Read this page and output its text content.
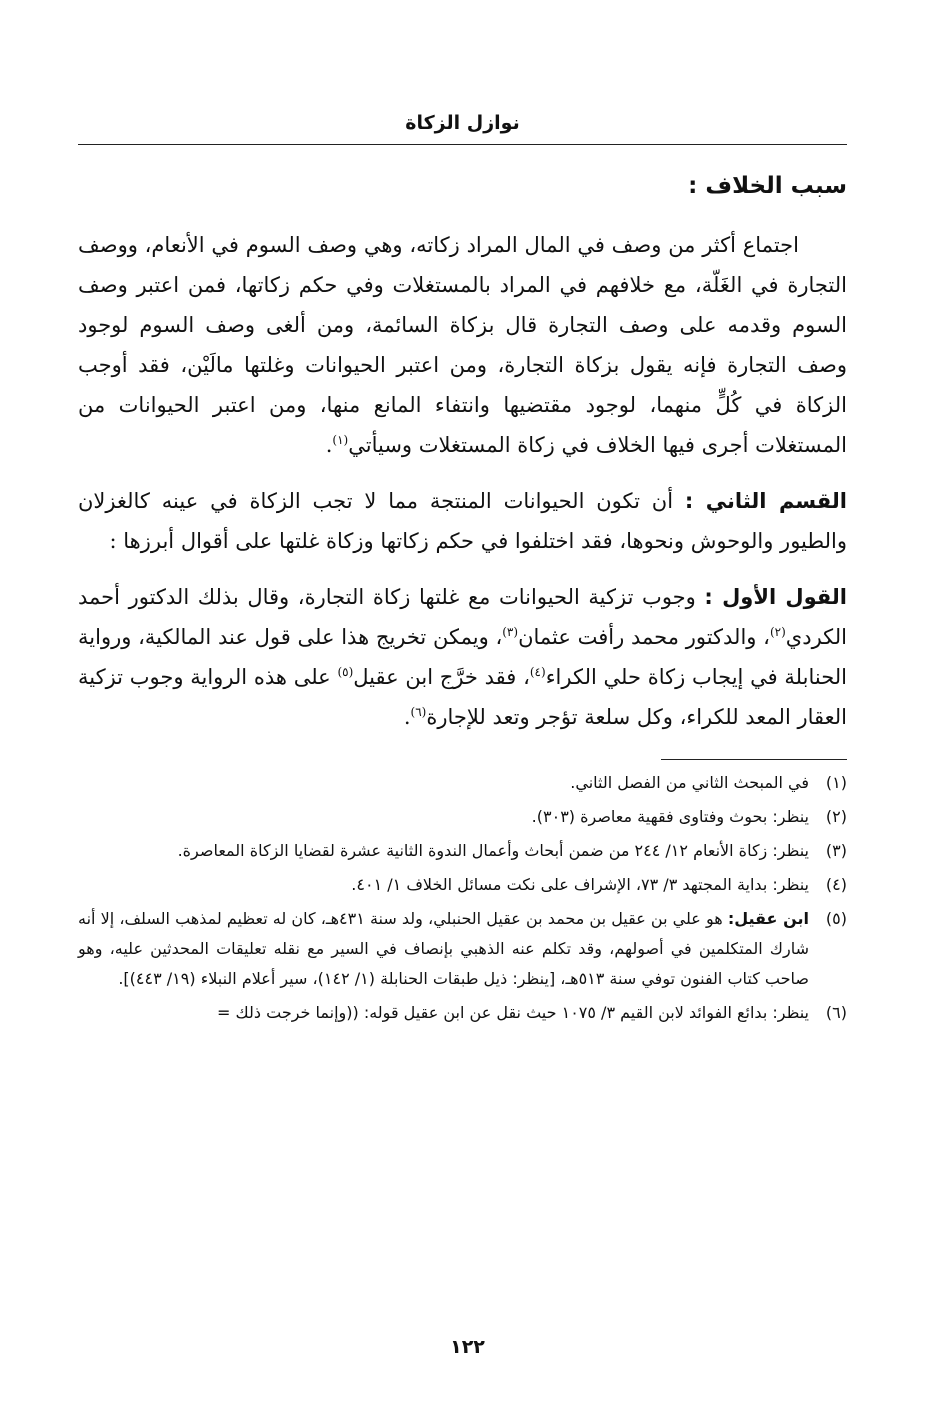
نوازل الزكاة
سبب الخلاف :

اجتماع أكثر من وصف في المال المراد زكاته، وهي وصف السوم في الأنعام، ووصف التجارة في الغَلّة، مع خلافهم في المراد بالمستغلات وفي حكم زكاتها، فمن اعتبر وصف السوم وقدمه على وصف التجارة قال بزكاة السائمة، ومن ألغى وصف السوم لوجود وصف التجارة فإنه يقول بزكاة التجارة، ومن اعتبر الحيوانات وغلتها مالَيْن، فقد أوجب الزكاة في كُلٍّ منهما، لوجود مقتضيها وانتفاء المانع منها، ومن اعتبر الحيوانات من المستغلات أجرى فيها الخلاف في زكاة المستغلات وسيأتي$^{(١)}$.

القسم الثاني : أن تكون الحيوانات المنتجة مما لا تجب الزكاة في عينه كالغزلان والطيور والوحوش ونحوها، فقد اختلفوا في حكم زكاتها وزكاة غلتها على أقوال أبرزها :

القول الأول : وجوب تزكية الحيوانات مع غلتها زكاة التجارة، وقال بذلك الدكتور أحمد الكردي$^{(٢)}$، والدكتور محمد رأفت عثمان$^{(٣)}$، ويمكن تخريج هذا على قول عند المالكية، ورواية الحنابلة في إيجاب زكاة حلي الكراء$^{(٤)}$، فقد خرَّج ابن عقيل$^{(٥)}$ على هذه الرواية وجوب تزكية العقار المعد للكراء، وكل سلعة تؤجر وتعد للإجارة$^{(٦)}$.

(١)
في المبحث الثاني من الفصل الثاني.
(٢)
ينظر: بحوث وفتاوى فقهية معاصرة (٣٠٣).
(٣)
ينظر: زكاة الأنعام ١٢/ ٢٤٤ من ضمن أبحاث وأعمال الندوة الثانية عشرة لقضايا الزكاة المعاصرة.
(٤)
ينظر: بداية المجتهد ٣/ ٧٣، الإشراف على نكت مسائل الخلاف ١/ ٤٠١.
(٥)
ابن عقيل: هو علي بن عقيل بن محمد بن عقيل الحنبلي، ولد سنة ٤٣١هـ، كان له تعظيم لمذهب السلف، إلا أنه شارك المتكلمين في أصولهم، وقد تكلم عنه الذهبي بإنصاف في السير مع نقله تعليقات المحدثين عليه، وهو صاحب كتاب الفنون توفي سنة ٥١٣هـ، [ينظر: ذيل طبقات الحنابلة (١/ ١٤٢)، سير أعلام النبلاء (١٩/ ٤٤٣)].
(٦)
ينظر: بدائع الفوائد لابن القيم ٣/ ١٠٧٥ حيث نقل عن ابن عقيل قوله: ((وإنما خرجت ذلك =
١٢٢
